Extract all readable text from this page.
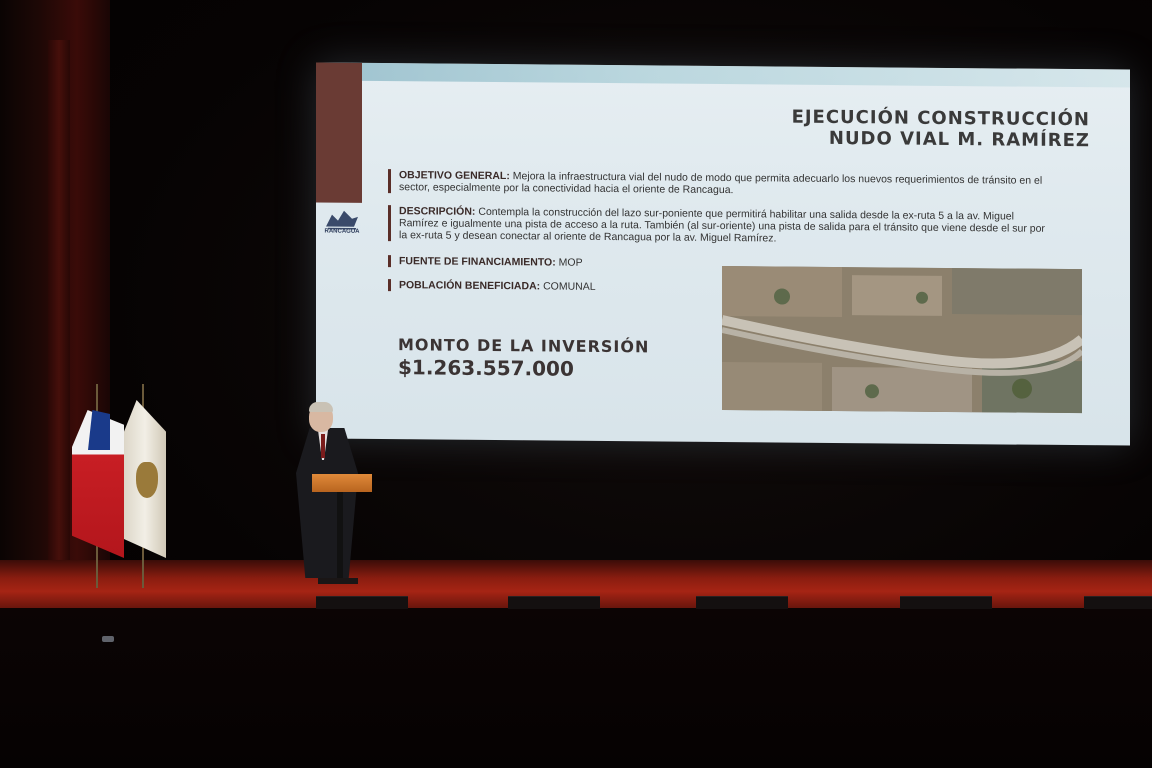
RANCAGUA
EJECUCIÓN CONSTRUCCIÓN
NUDO VIAL M. RAMÍREZ
OBJETIVO GENERAL: Mejora la infraestructura vial del nudo de modo que permita adecuarlo los nuevos requerimientos de tránsito en el sector, especialmente por la conectividad hacia el oriente de Rancagua.
DESCRIPCIÓN: Contempla la construcción del lazo sur-poniente que permitirá habilitar una salida desde la ex-ruta 5 a la av. Miguel Ramírez e igualmente una pista de acceso a la ruta. También (al sur-oriente) una pista de salida para el tránsito que viene desde el sur por la ex-ruta 5 y desean conectar al oriente de Rancagua por la av. Miguel Ramírez.
FUENTE DE FINANCIAMIENTO: MOP
POBLACIÓN BENEFICIADA: COMUNAL
MONTO DE LA INVERSIÓN
$1.263.557.000
